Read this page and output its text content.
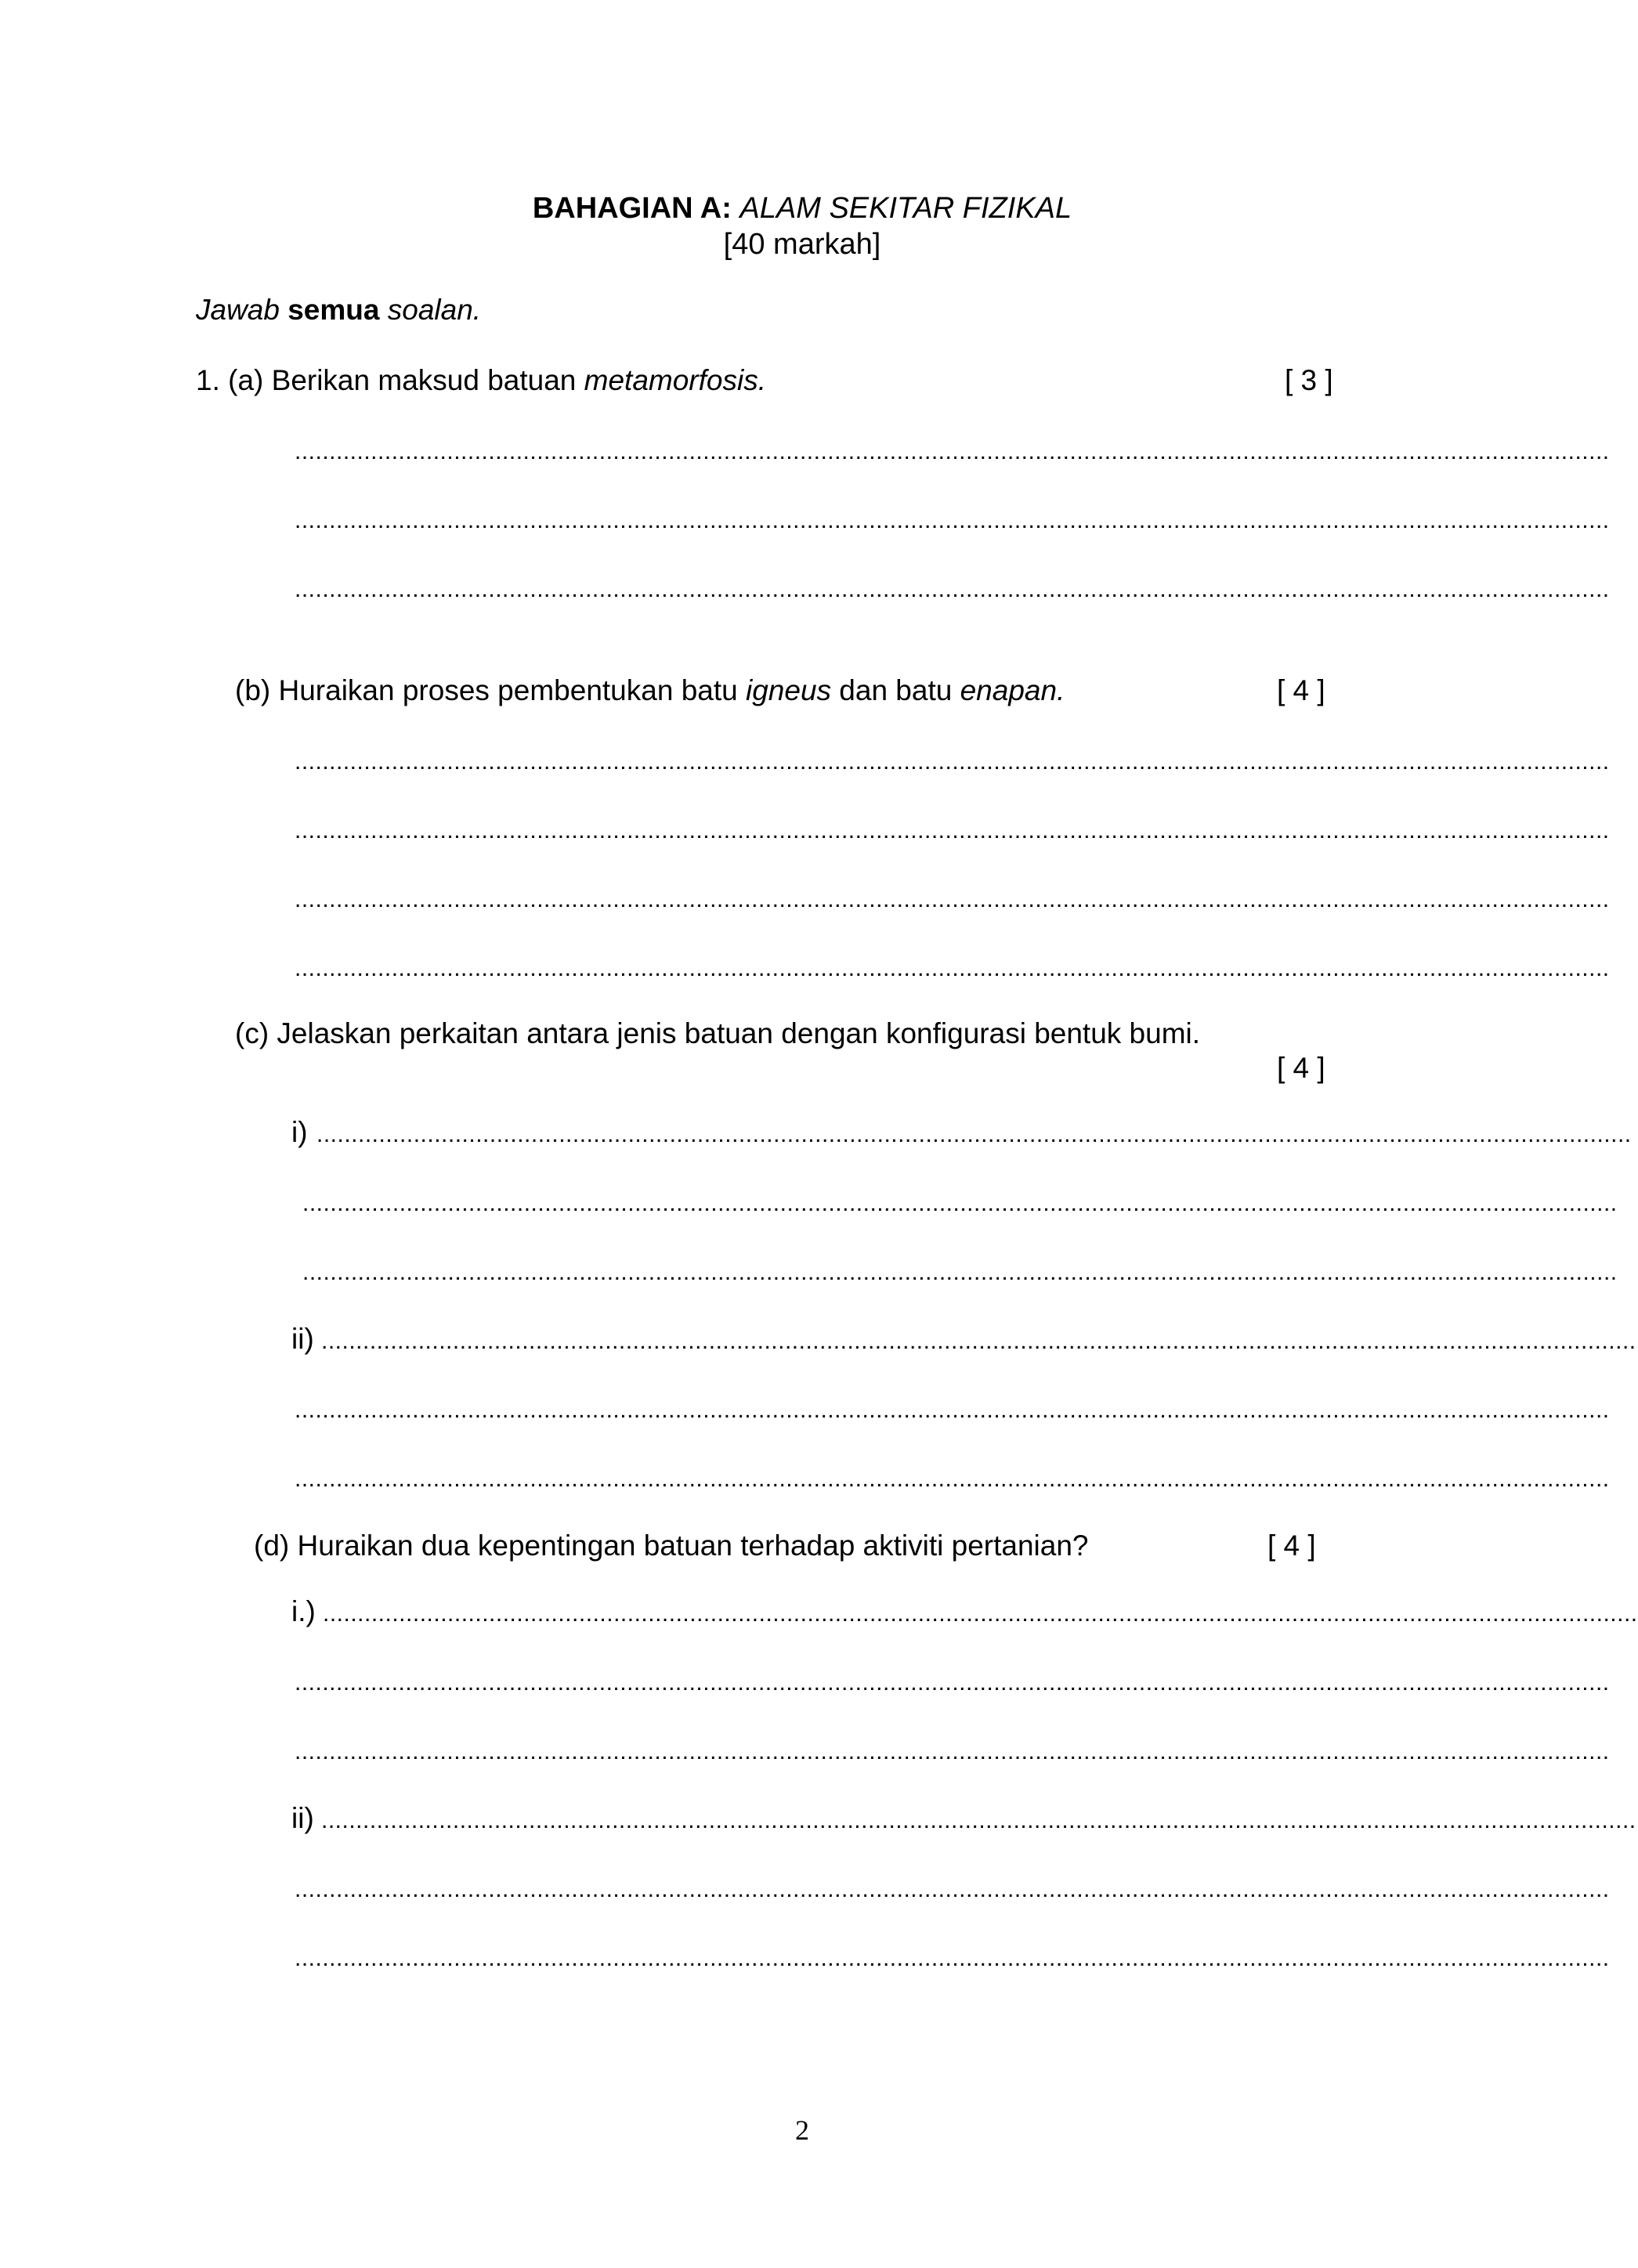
BAHAGIAN A: ALAM SEKITAR FIZIKAL
[40 markah]
Jawab semua soalan.
1. (a) Berikan maksud batuan metamorfosis.	[ 3 ]
..............................................................................................................................................................................................
..............................................................................................................................................................................................
..............................................................................................................................................................................................
(b) Huraikan proses pembentukan batu igneus dan batu enapan.	[ 4 ]
..............................................................................................................................................................................................
..............................................................................................................................................................................................
..............................................................................................................................................................................................
..............................................................................................................................................................................................
(c) Jelaskan perkaitan antara jenis batuan dengan konfigurasi bentuk bumi.
[ 4 ]
i) ..............................................................................................................................................................................................
..............................................................................................................................................................................................
..............................................................................................................................................................................................
ii) ..............................................................................................................................................................................................
..............................................................................................................................................................................................
..............................................................................................................................................................................................
(d) Huraikan dua kepentingan batuan terhadap aktiviti pertanian?	[ 4 ]
i.) ..............................................................................................................................................................................................
..............................................................................................................................................................................................
..............................................................................................................................................................................................
ii) ..............................................................................................................................................................................................
..............................................................................................................................................................................................
..............................................................................................................................................................................................
2
